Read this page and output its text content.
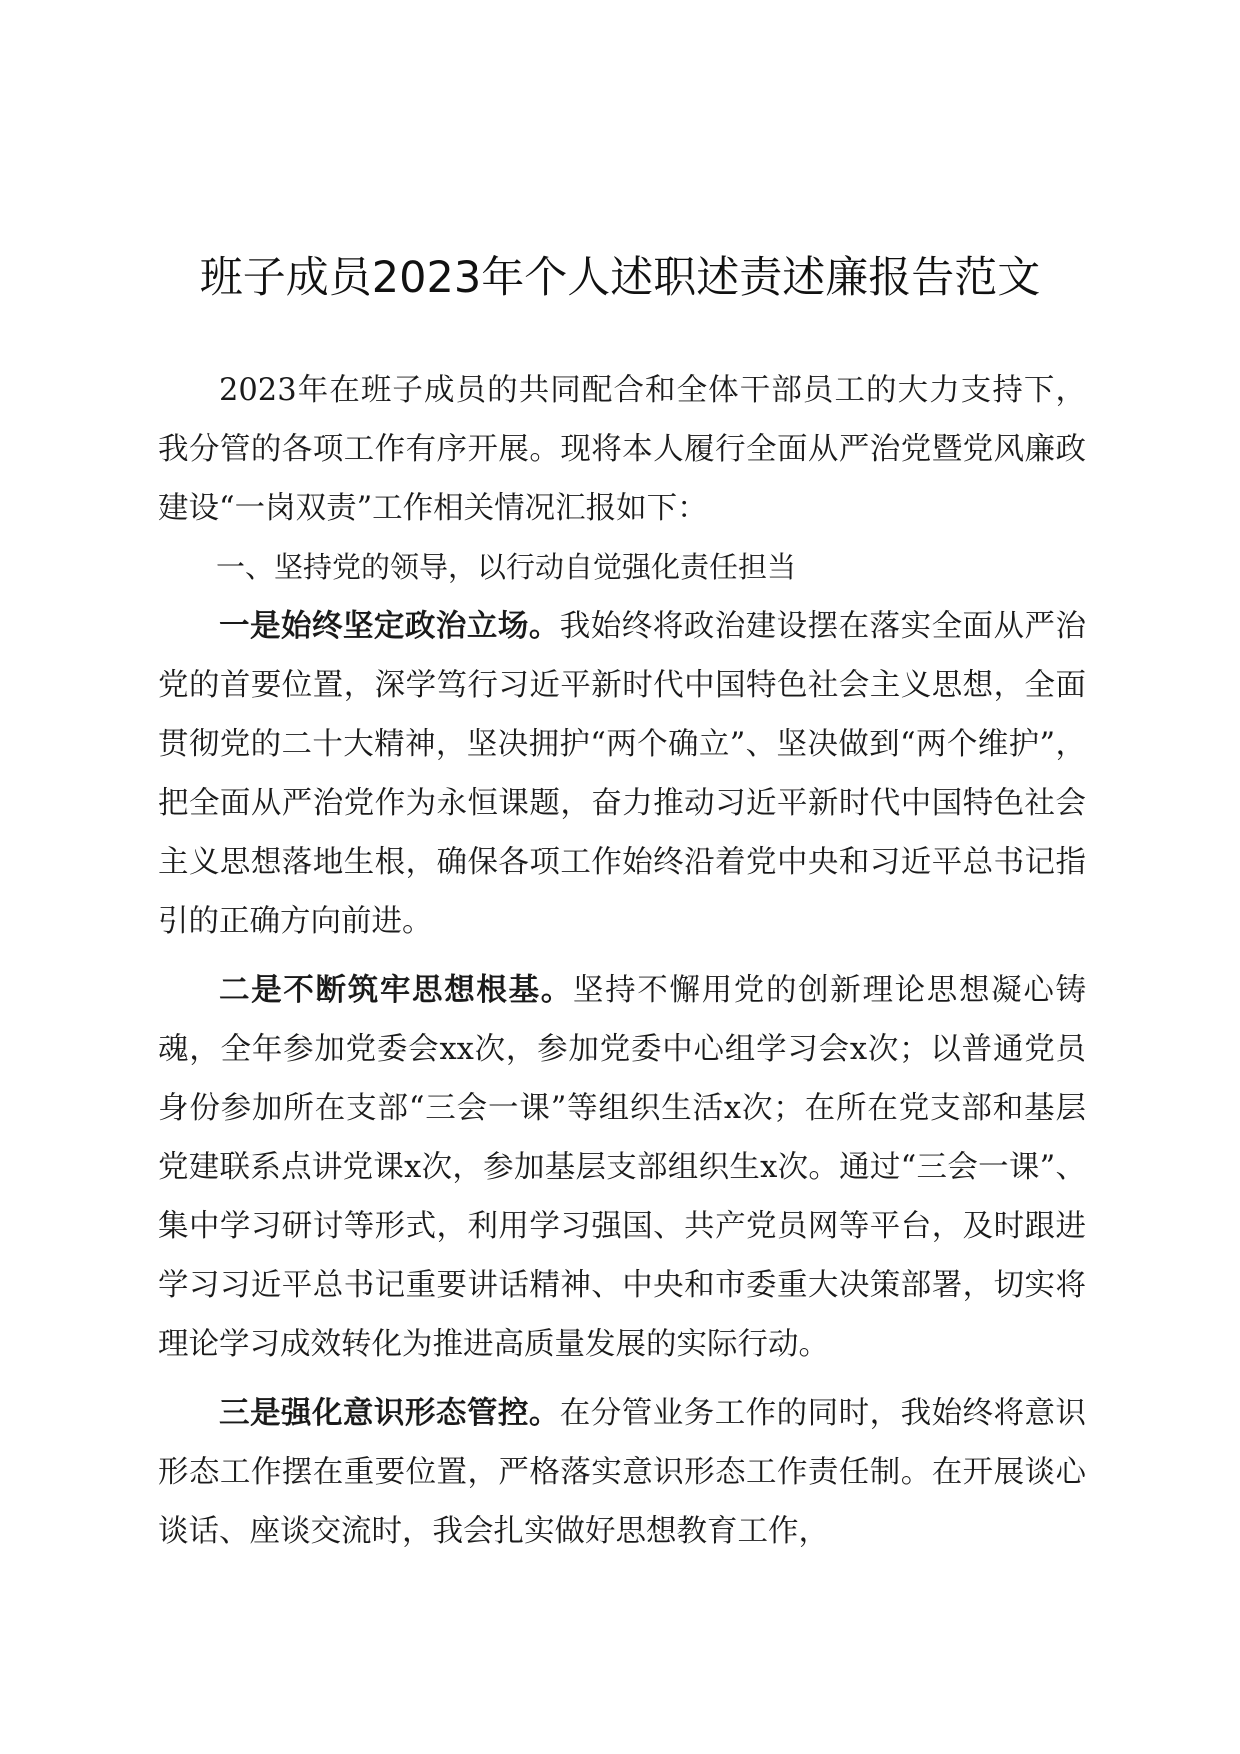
班子成员2023年个人述职述责述廉报告范文

2023年在班子成员的共同配合和全体干部员工的大力支持下，我分管的各项工作有序开展。现将本人履行全面从严治党暨党风廉政建设“一岗双责”工作相关情况汇报如下：

一、坚持党的领导，以行动自觉强化责任担当

一是始终坚定政治立场。我始终将政治建设摆在落实全面从严治党的首要位置，深学笃行习近平新时代中国特色社会主义思想，全面贯彻党的二十大精神，坚决拥护“两个确立”、坚决做到“两个维护”，把全面从严治党作为永恒课题，奋力推动习近平新时代中国特色社会主义思想落地生根，确保各项工作始终沿着党中央和习近平总书记指引的正确方向前进。

二是不断筑牢思想根基。坚持不懈用党的创新理论思想凝心铸魂，全年参加党委会xx次，参加党委中心组学习会x次；以普通党员身份参加所在支部“三会一课”等组织生活x次；在所在党支部和基层党建联系点讲党课x次，参加基层支部组织生x次。通过“三会一课”、集中学习研讨等形式，利用学习强国、共产党员网等平台，及时跟进学习习近平总书记重要讲话精神、中央和市委重大决策部署，切实将理论学习成效转化为推进高质量发展的实际行动。

三是强化意识形态管控。在分管业务工作的同时，我始终将意识形态工作摆在重要位置，严格落实意识形态工作责任制。在开展谈心谈话、座谈交流时，我会扎实做好思想教育工作，
